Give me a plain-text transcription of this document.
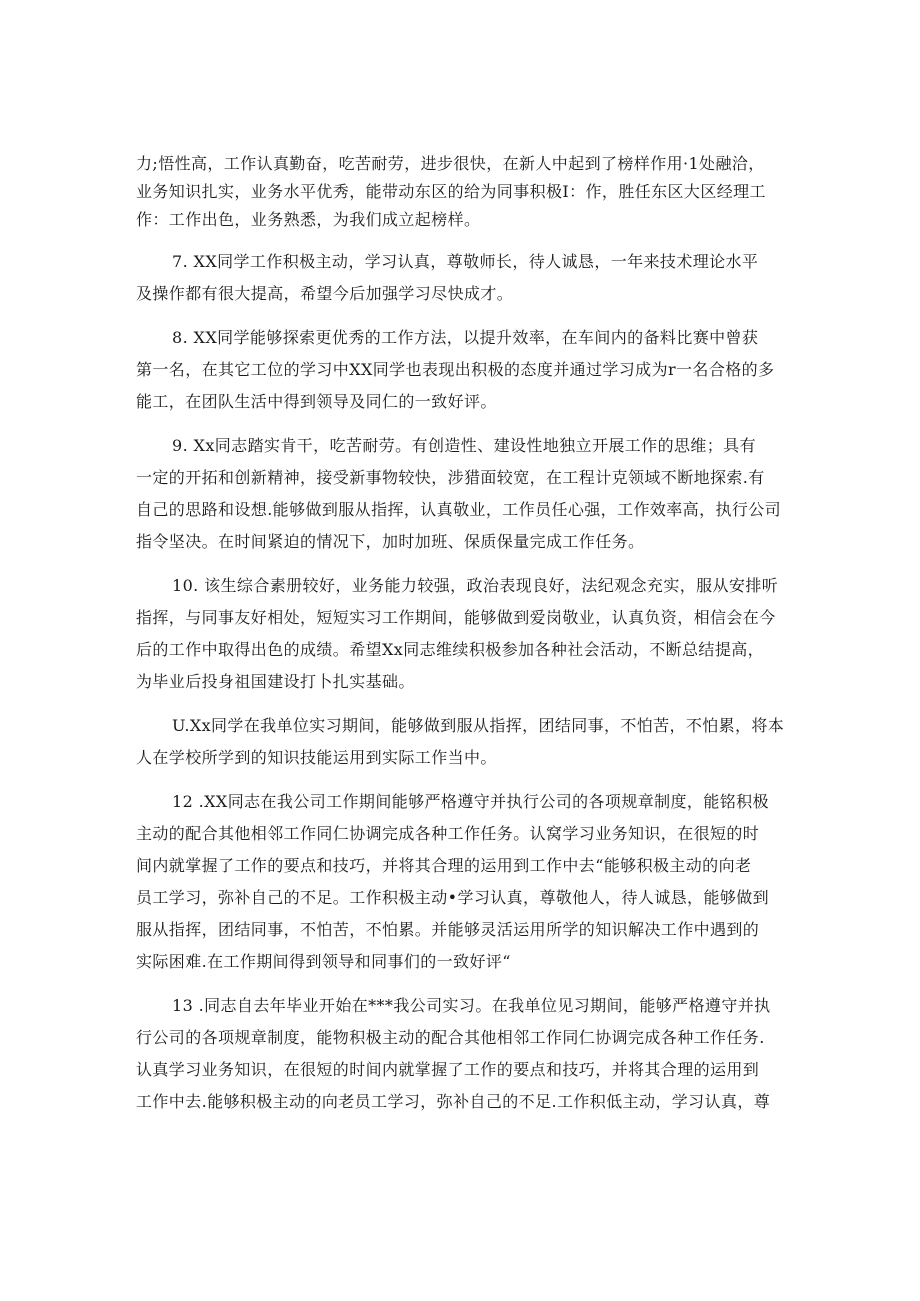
力;悟性高，工作认真勤奋，吃苦耐劳，进步很快，在新人中起到了榜样作用·1处融洽，
业务知识扎实，业务水平优秀，能带动东区的给为同事积极I：作，胜任东区大区经理工
作：工作出色，业务熟悉，为我们成立起榜样。

7. XX同学工作积极主动，学习认真，尊敬师长，待人诚恳，一年来技术理论水平
及操作都有很大提高，希望今后加强学习尽快成才。

8. XX同学能够探索更优秀的工作方法，以提升效率，在车间内的备料比赛中曾获
第一名，在其它工位的学习中XX同学也表现出积极的态度并通过学习成为r一名合格的多
能工，在团队生活中得到领导及同仁的一致好评。

9. Xx同志踏实肯干，吃苦耐劳。有创造性、建设性地独立开展工作的思维；具有
一定的开拓和创新精神，接受新事物较快，涉猎面较宽，在工程计克领域不断地探索.有
自己的思路和设想.能够做到服从指挥，认真敬业，工作员任心强，工作效率高，执行公司
指令坚决。在时间紧迫的情况下，加时加班、保质保量完成工作任务。

10. 该生综合素册较好，业务能力较强，政治表现良好，法纪观念充实，服从安排听
指挥，与同事友好相处，短短实习工作期间，能够做到爱岗敬业，认真负资，相信会在今
后的工作中取得出色的成绩。希望Xx同志维续积极参加各种社会活动，不断总结提高，
为毕业后投身祖国建设打卜扎实基础。

U.Xx同学在我单位实习期间，能够做到服从指挥，团结同事，不怕苦，不怕累，将本
人在学校所学到的知识技能运用到实际工作当中。

12 .XX同志在我公司工作期间能够严格遵守并执行公司的各项规章制度，能铭积极
主动的配合其他相邻工作同仁协调完成各种工作任务。认窝学习业务知识，在很短的时
间内就掌握了工作的要点和技巧，并将其合理的运用到工作中去“能够积极主动的向老
员工学习，弥补自己的不足。工作积极主动•学习认真，尊敬他人，待人诚恳，能够做到
服从指挥，团结同事，不怕苦，不怕累。并能够灵活运用所学的知识解决工作中遇到的
实际困难.在工作期间得到领导和同事们的一致好评“

13 .同志自去年毕业开始在***我公司实习。在我单位见习期间，能够严格遵守并执
行公司的各项规章制度，能物积极主动的配合其他相邻工作同仁协调完成各种工作任务.
认真学习业务知识，在很短的时间内就掌握了工作的要点和技巧，并将其合理的运用到
工作中去.能够积极主动的向老员工学习，弥补自己的不足.工作积低主动，学习认真，尊
